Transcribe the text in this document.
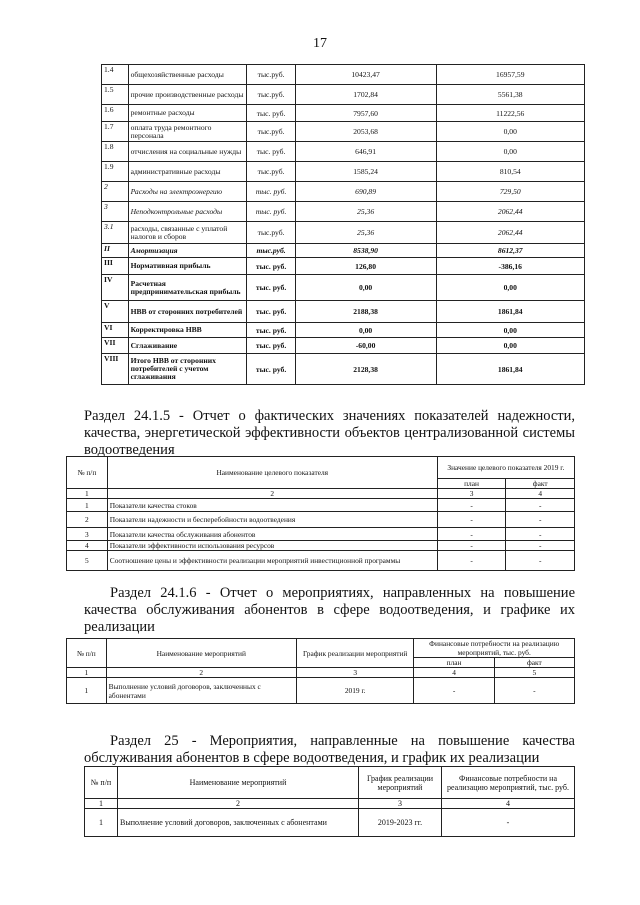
17
1.4	общехозяйственные расходы	тыс.руб.	10423,47	16957,59
1.5	прочие производственные расходы	тыс.руб.	1702,84	5561,38
1.6	ремонтные расходы	тыс. руб.	7957,60	11222,56
1.7	оплата труда ремонтного персонала	тыс.руб.	2053,68	0,00
1.8	отчисления на социальные нужды	тыс. руб.	646,91	0,00
1.9	административные расходы	тыс.руб.	1585,24	810,54
2	Расходы на электроэнергию	тыс. руб.	690,89	729,50
3	Неподконтрольные расходы	тыс. руб.	25,36	2062,44
3.1	расходы, связанные с уплатой налогов и сборов	тыс.руб.	25,36	2062,44
II	Амортизация	тыс.руб.	8538,90	8612,37
III	Нормативная прибыль	тыс. руб.	126,80	-386,16
IV	Расчетная предпринимательская прибыль	тыс. руб.	0,00	0,00
V	НВВ от сторонних потребителей	тыс. руб.	2188,38	1861,84
VI	Корректировка НВВ	тыс. руб.	0,00	0,00
VII	Сглаживание	тыс. руб.	-60,00	0,00
VIII	Итого НВВ от сторонних потребителей с учетом сглаживания	тыс. руб.	2128,38	1861,84
Раздел 24.1.5 - Отчет о фактических значениях показателей надежности,
качества, энергетической эффективности объектов централизованной системы
водоотведения
№ п/п	Наименование целевого показателя	Значение целевого показателя 2019 г.	
		план	факт
1	2	3	4
1	Показатели качества стоков	-	-
2	Показатели надежности и бесперебойности водоотведения	-	-
3	Показатели качества обслуживания абонентов	-	-
4	Показатели эффективности использования ресурсов	-	-
5	Соотношение цены и эффективности реализации мероприятий инвестиционной программы	-	-
Раздел 24.1.6 - Отчет о мероприятиях, направленных на повышение
качества обслуживания абонентов в сфере водоотведения, и графике их
реализации
№ п/п	Наименование мероприятий	График реализации мероприятий	Финансовые потребности на реализацию мероприятий, тыс. руб.	
			план	факт
1	2	3	4	5
1	Выполнение условий договоров, заключенных с абонентами	2019 г.	-	-
Раздел 25 - Мероприятия, направленные на повышение качества
обслуживания абонентов в сфере водоотведения, и график их реализации
№ п/п	Наименование мероприятий	График реализации мероприятий	Финансовые потребности на реализацию мероприятий, тыс. руб.
1	2	3	4
1	Выполнение условий договоров, заключенных с абонентами	2019-2023 гг.	-
